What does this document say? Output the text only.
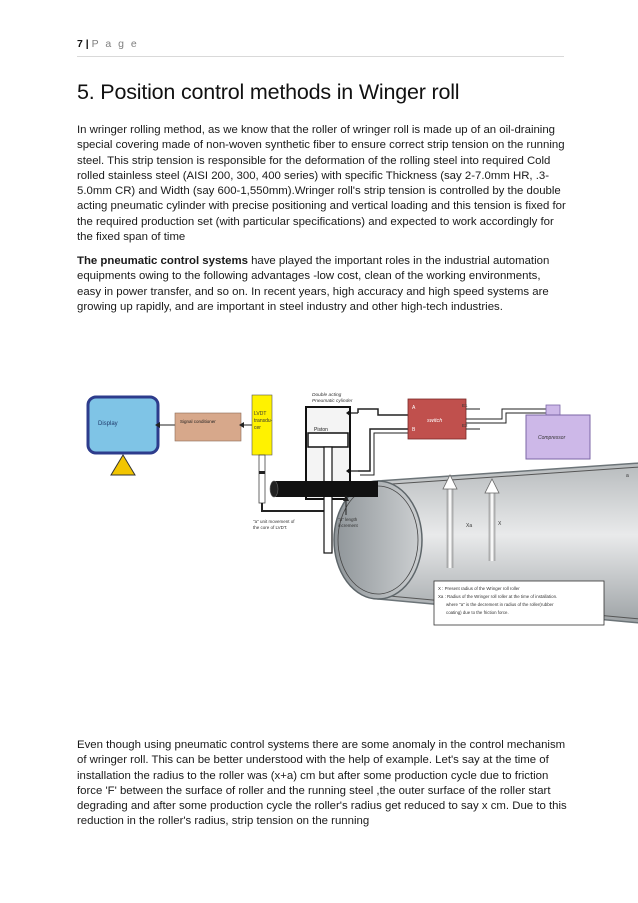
7 | P a g e
5. Position control methods in Winger roll
In wringer rolling method, as we know that the roller of wringer roll is made up of an oil-draining special covering made of non-woven synthetic fiber to ensure correct strip tension on the running steel. This strip tension is responsible for the deformation of the rolling steel into required Cold rolled stainless steel (AISI 200, 300, 400 series) with specific Thickness (say 2-7.0mm HR, .3-5.0mm CR) and Width (say 600-1,550mm).Wringer roll's strip tension is controlled by the double acting pneumatic cylinder with precise positioning and vertical loading and this tension is fixed for the required production set (with particular specifications) and expected to work accordingly for the fixed span of time
The pneumatic control systems have played the important roles in the industrial automation equipments owing to the following advantages -low cost, clean of the working environments, easy in power transfer, and so on. In recent years, high accuracy and high speed systems are growing up rapidly, and are important in steel industry and other high-tech industries.
Display	Signal conditioner
LVDT
transdu-
cer
"a" unit movement of
the core of LVDT.
Double acting
Pneumatic cylinder
Piston
A
B
switch
E1
E2
Compressor
a
"a" length
increment	Xa	X
X : Present radius of the Wringer roll roller
Xa : Radius of the Wringer roll roller at the time of installation.
where "a" is the decrement in radius of the roller(rubber
coating) due to the friction force.
Even though using pneumatic control systems there are some anomaly in the control mechanism of wringer roll. This can be better understood with the help of example. Let's say at the time of installation the radius to the roller was (x+a) cm but after some production cycle due to friction force 'F' between the surface of roller and the running steel ,the outer surface of the roller start degrading and after some production cycle the roller's radius get reduced to say x cm. Due to this reduction in the roller's radius, strip tension on the running
